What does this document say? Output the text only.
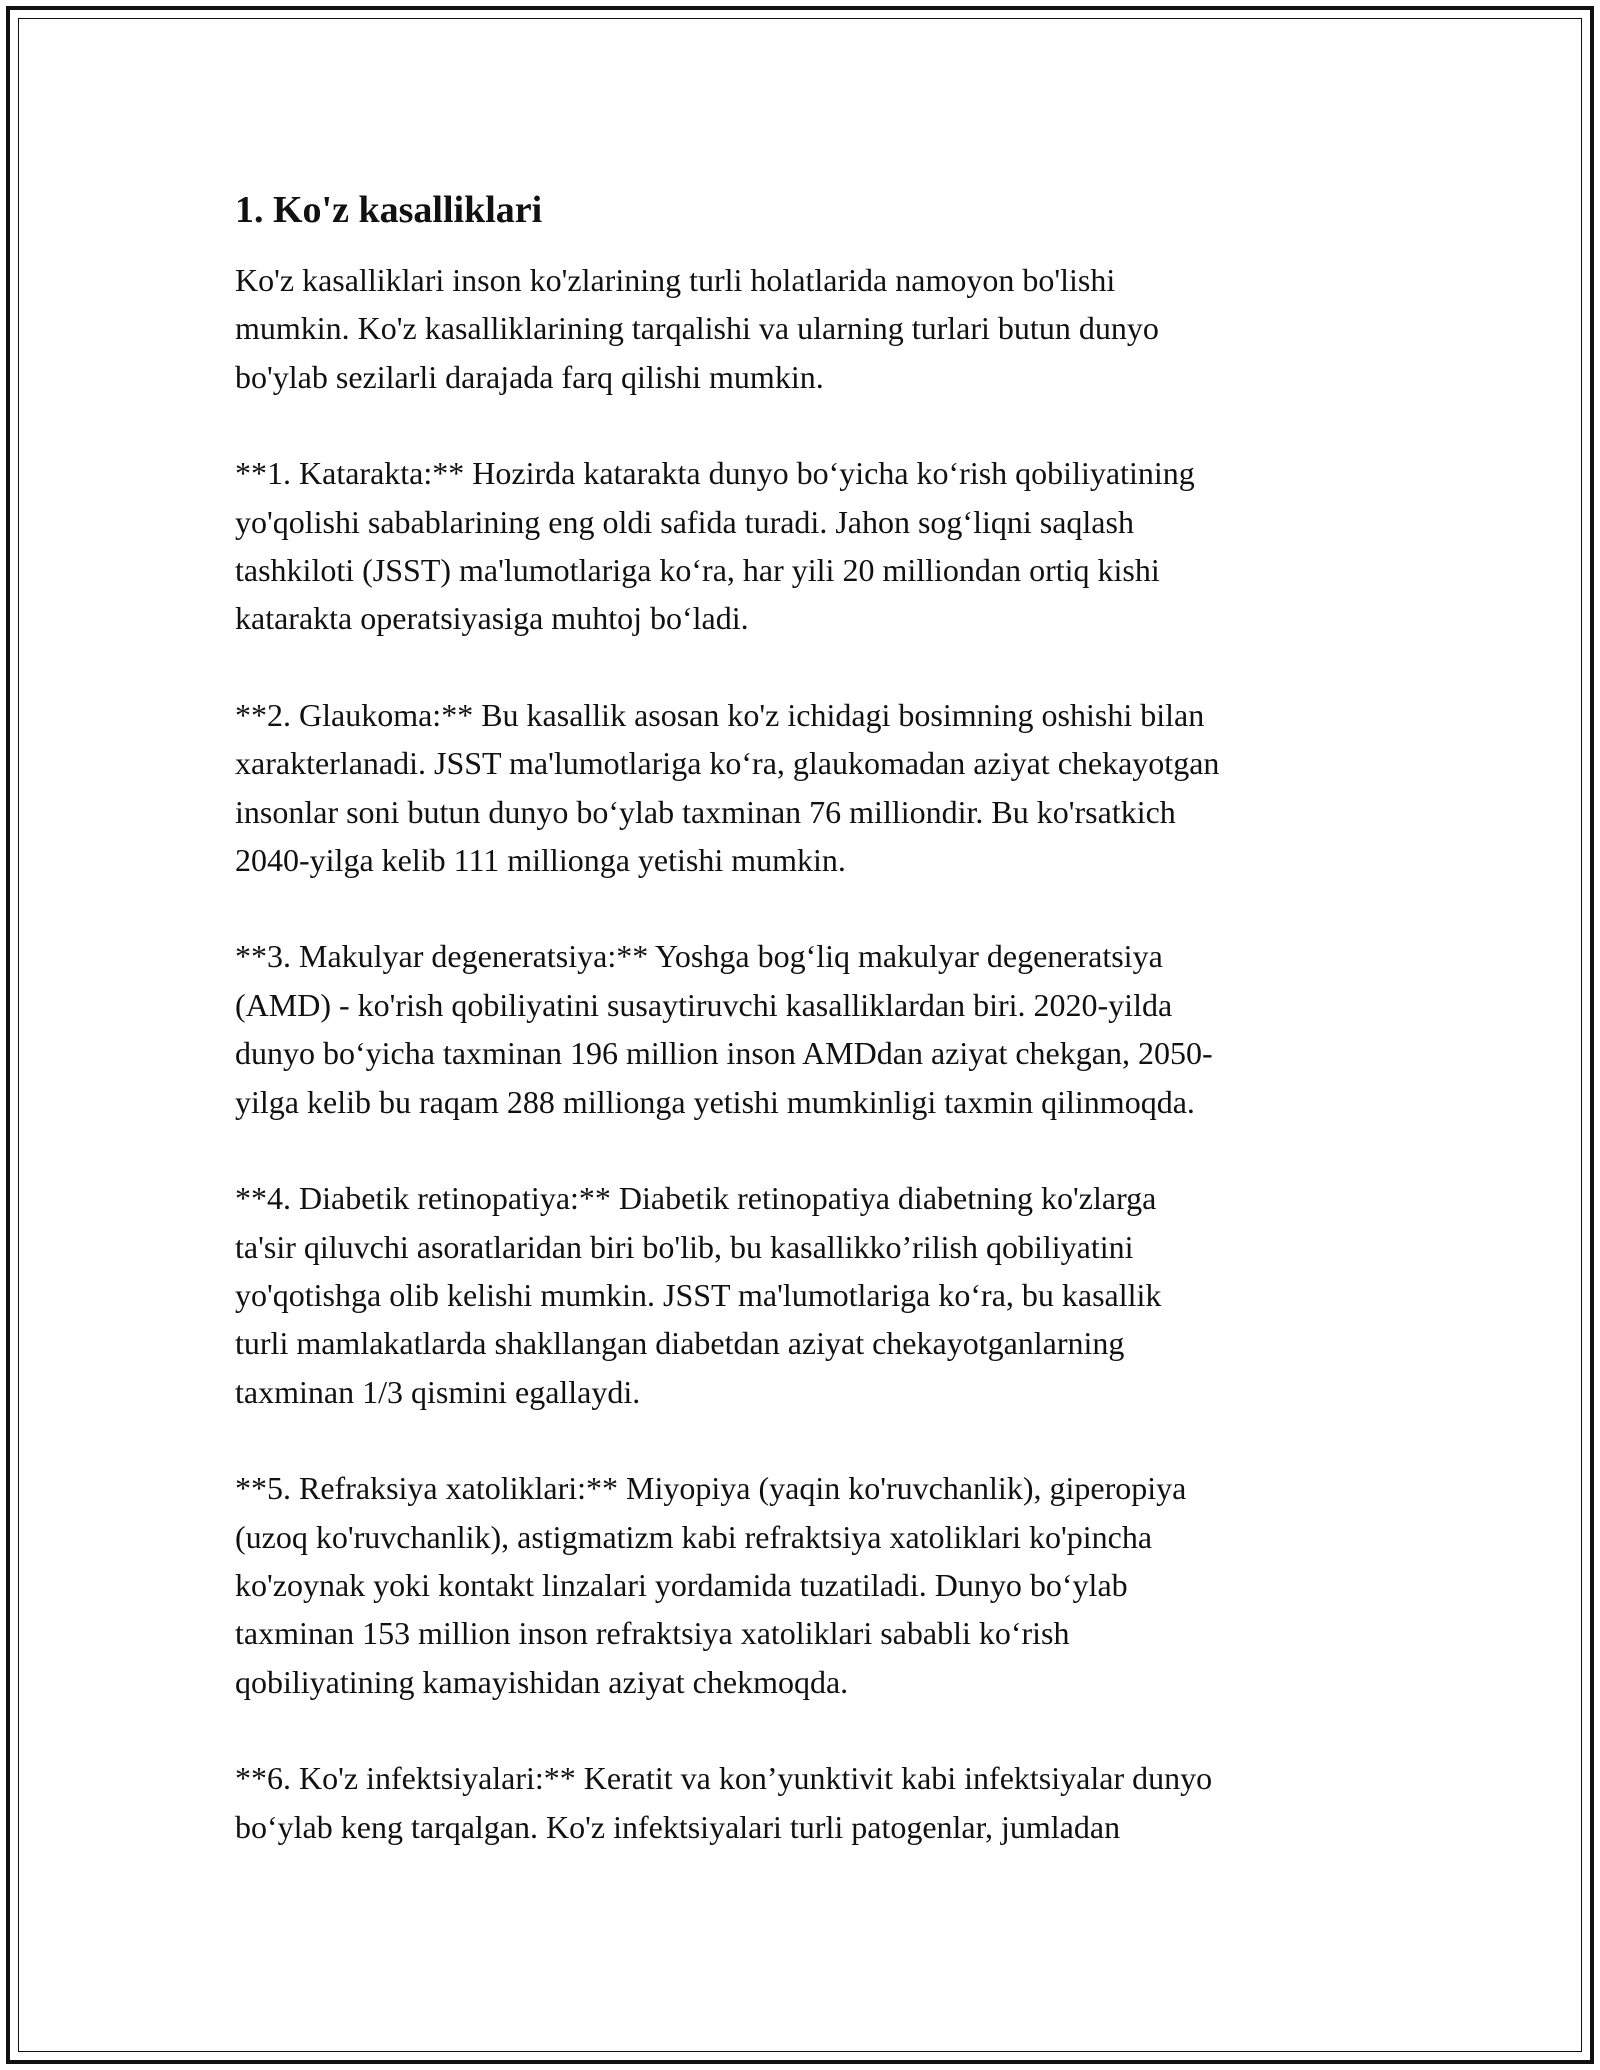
1. Ko'z kasalliklari

Ko'z kasalliklari inson ko'zlarining turli holatlarida namoyon bo'lishi
mumkin. Ko'z kasalliklarining tarqalishi va ularning turlari butun dunyo
bo'ylab sezilarli darajada farq qilishi mumkin.

**1. Katarakta:** Hozirda katarakta dunyo bo‘yicha ko‘rish qobiliyatining
yo'qolishi sabablarining eng oldi safida turadi. Jahon sog‘liqni saqlash
tashkiloti (JSST) ma'lumotlariga ko‘ra, har yili 20 milliondan ortiq kishi
katarakta operatsiyasiga muhtoj bo‘ladi.

**2. Glaukoma:** Bu kasallik asosan ko'z ichidagi bosimning oshishi bilan
xarakterlanadi. JSST ma'lumotlariga ko‘ra, glaukomadan aziyat chekayotgan
insonlar soni butun dunyo bo‘ylab taxminan 76 milliondir. Bu ko'rsatkich
2040-yilga kelib 111 millionga yetishi mumkin.

**3. Makulyar degeneratsiya:** Yoshga bog‘liq makulyar degeneratsiya
(AMD) - ko'rish qobiliyatini susaytiruvchi kasalliklardan biri. 2020-yilda
dunyo bo‘yicha taxminan 196 million inson AMDdan aziyat chekgan, 2050-
yilga kelib bu raqam 288 millionga yetishi mumkinligi taxmin qilinmoqda.

**4. Diabetik retinopatiya:** Diabetik retinopatiya diabetning ko'zlarga
ta'sir qiluvchi asoratlaridan biri bo'lib, bu kasallikko’rilish qobiliyatini
yo'qotishga olib kelishi mumkin. JSST ma'lumotlariga ko‘ra, bu kasallik
turli mamlakatlarda shakllangan diabetdan aziyat chekayotganlarning
taxminan 1/3 qismini egallaydi.

**5. Refraksiya xatoliklari:** Miyopiya (yaqin ko'ruvchanlik), giperopiya
(uzoq ko'ruvchanlik), astigmatizm kabi refraktsiya xatoliklari ko'pincha
ko'zoynak yoki kontakt linzalari yordamida tuzatiladi. Dunyo bo‘ylab
taxminan 153 million inson refraktsiya xatoliklari sababli ko‘rish
qobiliyatining kamayishidan aziyat chekmoqda.

**6. Ko'z infektsiyalari:** Keratit va kon’yunktivit kabi infektsiyalar dunyo
bo‘ylab keng tarqalgan. Ko'z infektsiyalari turli patogenlar, jumladan
